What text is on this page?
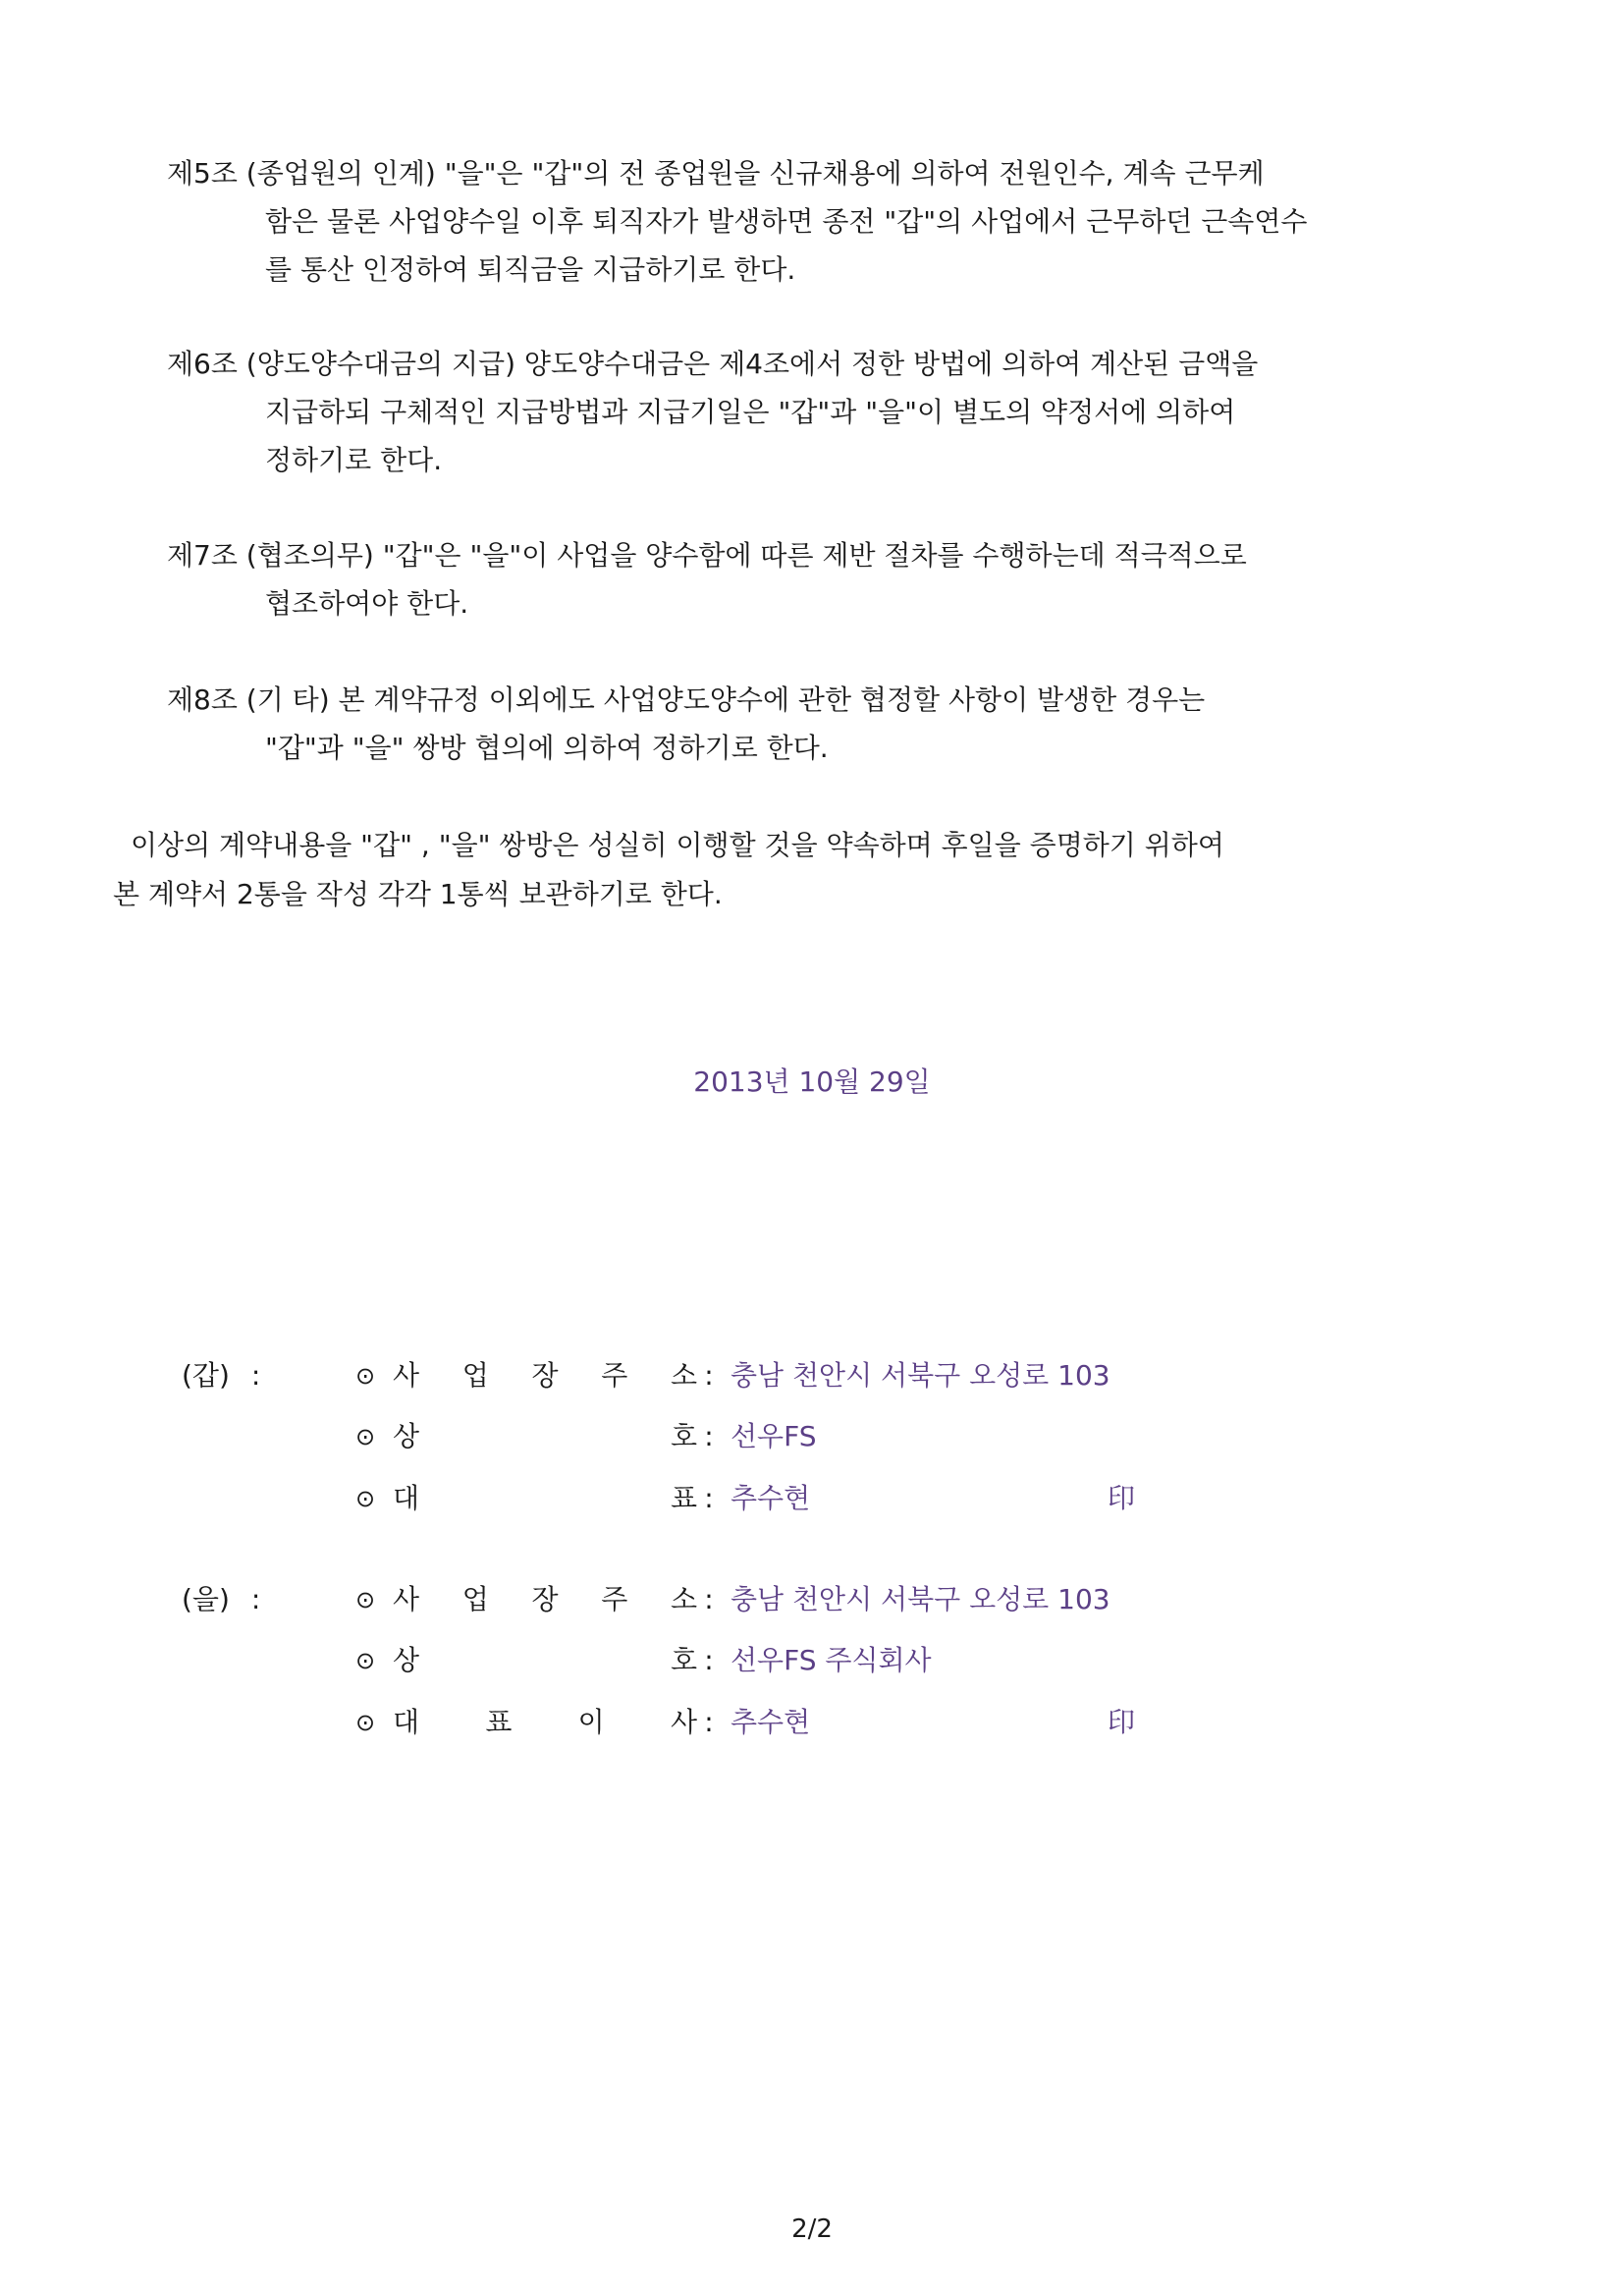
제5조 (종업원의 인계) "을"은 "갑"의 전 종업원을 신규채용에 의하여 전원인수, 계속 근무케
함은 물론 사업양수일 이후 퇴직자가 발생하면 종전 "갑"의 사업에서 근무하던 근속연수
를 통산 인정하여 퇴직금을 지급하기로 한다.
제6조 (양도양수대금의 지급) 양도양수대금은 제4조에서 정한 방법에 의하여 계산된 금액을
지급하되 구체적인 지급방법과 지급기일은 "갑"과 "을"이 별도의 약정서에 의하여
정하기로 한다.
제7조 (협조의무) "갑"은 "을"이 사업을 양수함에 따른 제반 절차를 수행하는데 적극적으로
협조하여야 한다.
제8조 (기 타) 본 계약규정 이외에도 사업양도양수에 관한 협정할 사항이 발생한 경우는
"갑"과 "을" 쌍방 협의에 의하여 정하기로 한다.
이상의 계약내용을 "갑" , "을" 쌍방은 성실히 이행할 것을 약속하며 후일을 증명하기 위하여
본 계약서 2통을 작성 각각 1통씩 보관하기로 한다.
2013년 10월 29일
(갑) :	⊙ 사 업 장 주 소 : 충남 천안시 서북구 오성로 103
⊙ 상	호 : 선우FS
⊙ 대	표 : 추수현	印
(을) :	⊙ 사 업 장 주 소 : 충남 천안시 서북구 오성로 103
⊙ 상	호 : 선우FS 주식회사
⊙ 대 표 이 사 : 추수현	印
2/2
